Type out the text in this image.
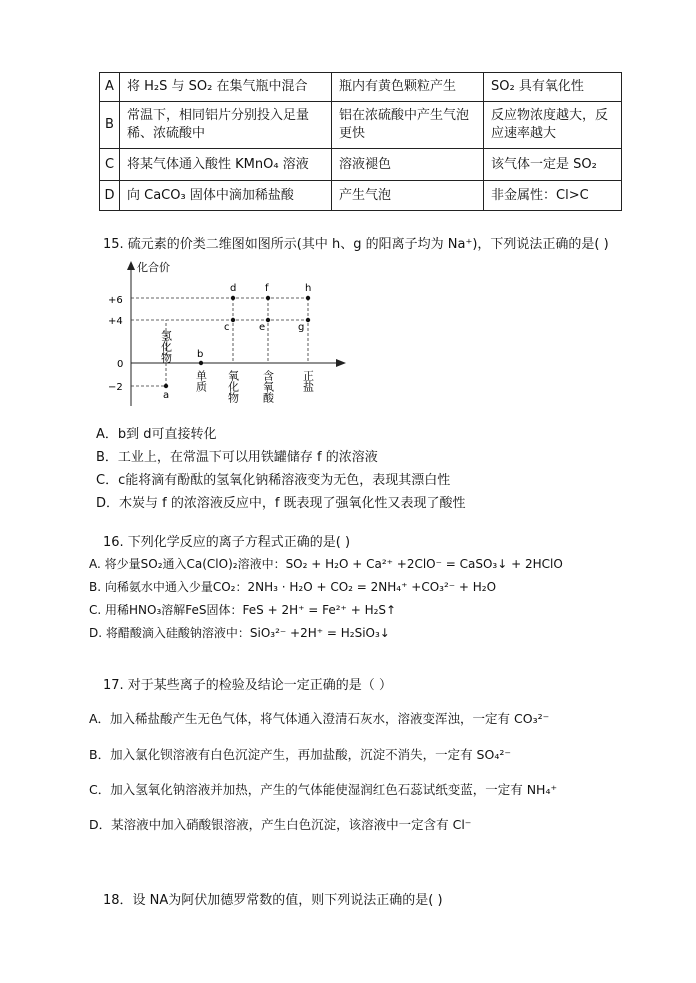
A	将 H₂S 与 SO₂ 在集气瓶中混合	瓶内有黄色颗粒产生	SO₂ 具有氧化性
B	常温下，相同铝片分别投入足量稀、浓硫酸中	铝在浓硫酸中产生气泡更快	反应物浓度越大，反应速率越大
C	将某气体通入酸性 KMnO₄ 溶液	溶液褪色	该气体一定是 SO₂
D	向 CaCO₃ 固体中滴加稀盐酸	产生气泡	非金属性：Cl>C
15. 硫元素的价类二维图如图所示(其中 h、g 的阳离子均为 Na⁺)，下列说法正确的是( )
化合价
+6
+4
0
−2
a
b
c
d
e
f
g
h
氢化物
单质 氧化物 含氧酸 正盐
A．b到 d可直接转化
B．工业上，在常温下可以用铁罐储存 f 的浓溶液
C．c能将滴有酚酞的氢氧化钠稀溶液变为无色，表现其漂白性
D．木炭与 f 的浓溶液反应中，f 既表现了强氧化性又表现了酸性
16. 下列化学反应的离子方程式正确的是( )
A. 将少量SO₂通入Ca(ClO)₂溶液中：SO₂ + H₂O + Ca²⁺ +2ClO⁻ = CaSO₃↓ + 2HClO
B. 向稀氨水中通入少量CO₂：2NH₃ · H₂O + CO₂ = 2NH₄⁺ +CO₃²⁻ + H₂O
C. 用稀HNO₃溶解FeS固体：FeS + 2H⁺ = Fe²⁺ + H₂S↑
D. 将醋酸滴入硅酸钠溶液中：SiO₃²⁻ +2H⁺ = H₂SiO₃↓
17. 对于某些离子的检验及结论一定正确的是（ ）
A．加入稀盐酸产生无色气体，将气体通入澄清石灰水，溶液变浑浊，一定有 CO₃²⁻
B．加入氯化钡溶液有白色沉淀产生，再加盐酸，沉淀不消失，一定有 SO₄²⁻
C．加入氢氧化钠溶液并加热，产生的气体能使湿润红色石蕊试纸变蓝，一定有 NH₄⁺
D．某溶液中加入硝酸银溶液，产生白色沉淀，该溶液中一定含有 Cl⁻
18．设 NA为阿伏加德罗常数的值，则下列说法正确的是( )
